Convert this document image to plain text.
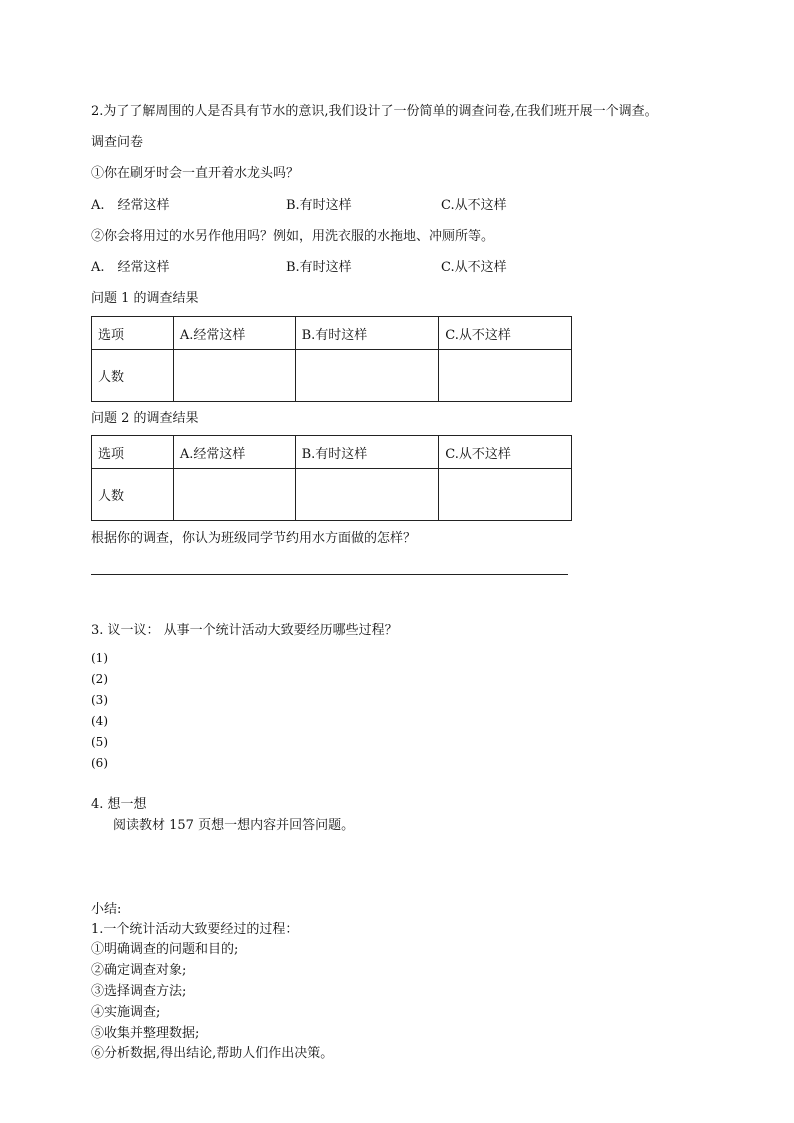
2.为了了解周围的人是否具有节水的意识,我们设计了一份简单的调查问卷,在我们班开展一个调查。
调查问卷
①你在刷牙时会一直开着水龙头吗？
A.　经常这样	B.有时这样	C.从不这样
②你会将用过的水另作他用吗？例如，用洗衣服的水拖地、冲厕所等。
A.　经常这样	B.有时这样	C.从不这样
问题 1 的调查结果
选项	A.经常这样	B.有时这样	C.从不这样
人数			
问题 2 的调查结果
选项	A.经常这样	B.有时这样	C.从不这样
人数			
根据你的调查，你认为班级同学节约用水方面做的怎样？
3. 议一议： 从事一个统计活动大致要经历哪些过程？
(1)
(2)
(3)
(4)
(5)
(6)
4. 想一想
阅读教材 157 页想一想内容并回答问题。
小结:
1.一个统计活动大致要经过的过程：
①明确调查的问题和目的;
②确定调查对象;
③选择调查方法;
④实施调查;
⑤收集并整理数据;
⑥分析数据,得出结论,帮助人们作出决策。
